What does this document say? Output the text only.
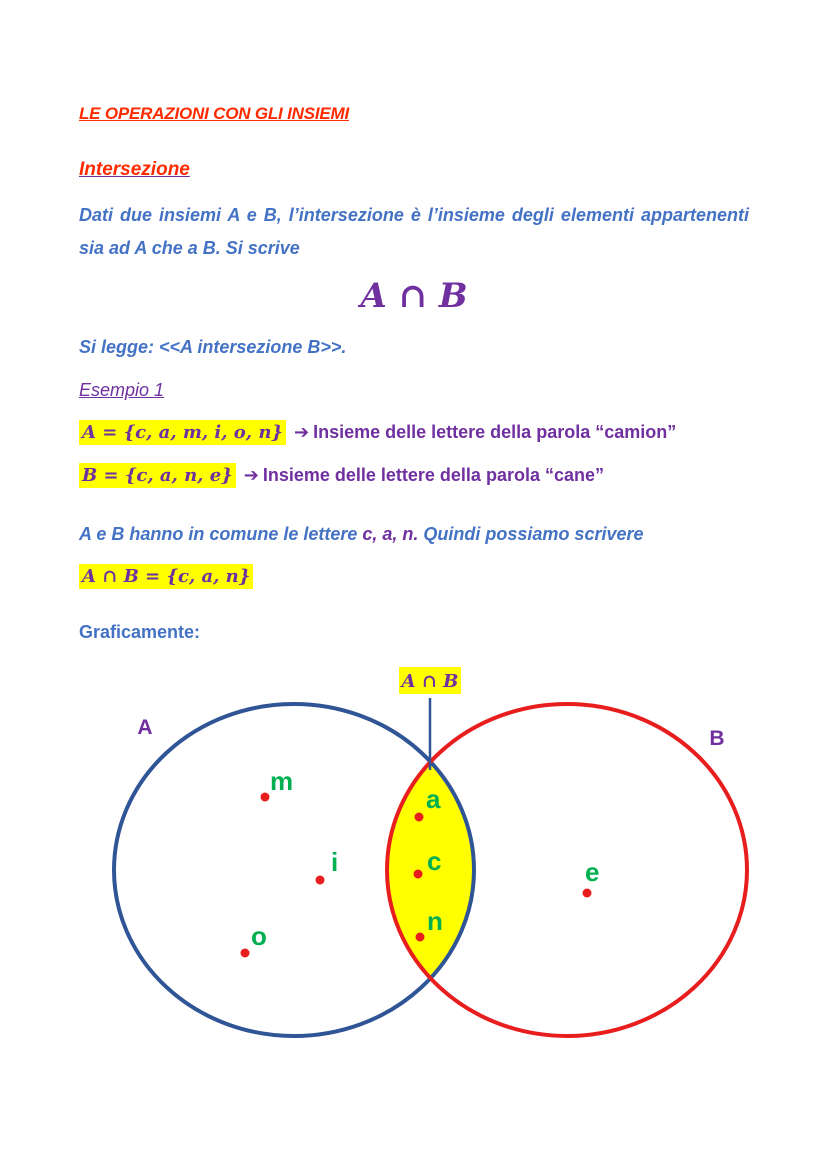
LE OPERAZIONI CON GLI INSIEMI
Intersezione
Dati due insiemi A e B, l’intersezione è l’insieme degli elementi appartenenti sia ad A che a B. Si scrive
A ∩ B
Si legge: <<A intersezione B>>.
Esempio 1
A = {c, a, m, i, o, n} ➔ Insieme delle lettere della parola “camion”
B = {c, a, n, e} ➔ Insieme delle lettere della parola “cane”
A e B hanno in comune le lettere c, a, n. Quindi possiamo scrivere
A ∩ B = {c, a, n}
Graficamente:
A ∩ B
A	B
m
i
o
a
c
n
e
